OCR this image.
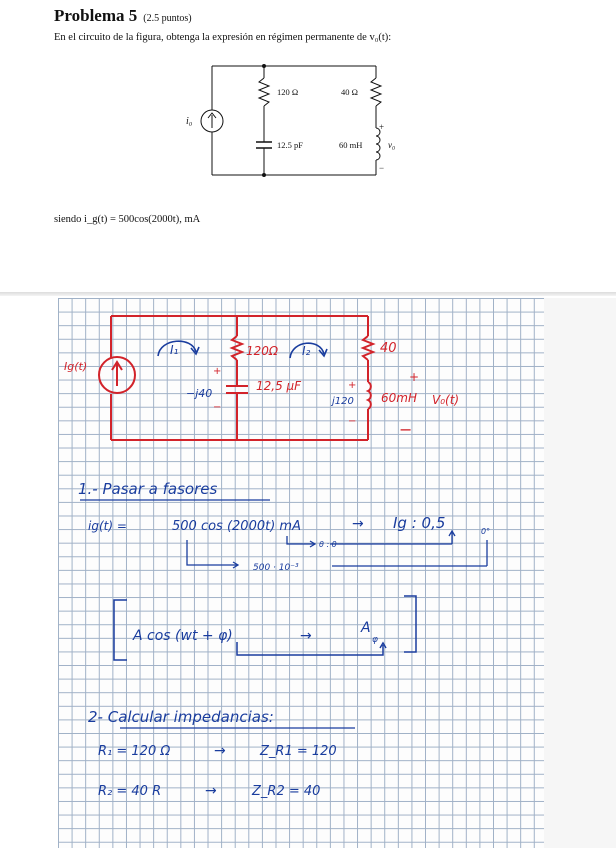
Problema 5 (2.5 puntos)
En el circuito de la figura, obtenga la expresión en régimen permanente de v₀(t):
i₀
120 Ω	40 Ω
12.5 pF	60 mH	v₀
+
−
siendo i_g(t) = 500cos(2000t), mA
Ig(t)
I₁	I₂
120Ω
12,5 μF
−j40
40
60mH
j120	V₀(t)
+
−
+
−
+
−
1.- Pasar a fasores
ig(t) =	500 cos (2000t) mA	→ Ig : 0,5	0°
θ : 0
500 · 10⁻³
A cos (wt + φ)	→	A
φ
2- Calcular impedancias:
R₁ = 120 Ω	→	Z_R1 = 120
R₂ = 40 R	→	Z_R2 = 40
